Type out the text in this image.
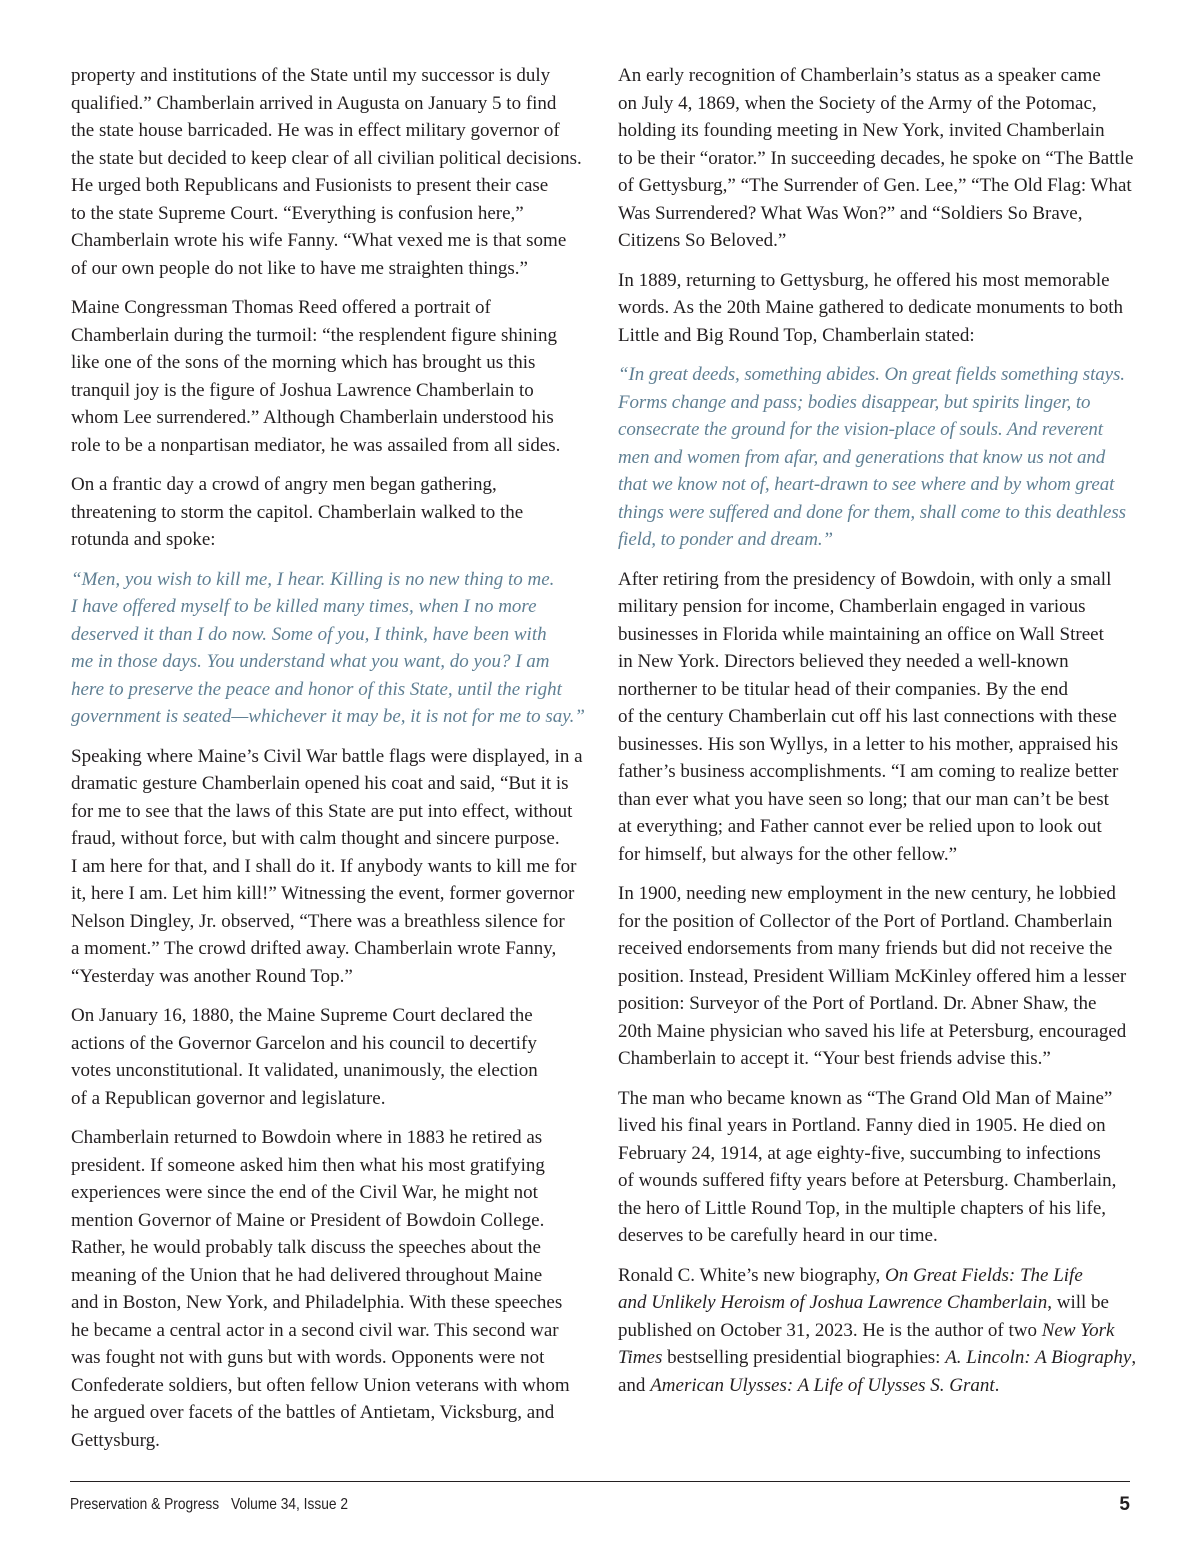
property and institutions of the State until my successor is duly
qualified.” Chamberlain arrived in Augusta on January 5 to find
the state house barricaded. He was in effect military governor of
the state but decided to keep clear of all civilian political decisions.
He urged both Republicans and Fusionists to present their case
to the state Supreme Court. “Everything is confusion here,”
Chamberlain wrote his wife Fanny. “What vexed me is that some
of our own people do not like to have me straighten things.”

Maine Congressman Thomas Reed offered a portrait of
Chamberlain during the turmoil: “the resplendent figure shining
like one of the sons of the morning which has brought us this
tranquil joy is the figure of Joshua Lawrence Chamberlain to
whom Lee surrendered.” Although Chamberlain understood his
role to be a nonpartisan mediator, he was assailed from all sides.

On a frantic day a crowd of angry men began gathering,
threatening to storm the capitol. Chamberlain walked to the
rotunda and spoke:

“Men, you wish to kill me, I hear. Killing is no new thing to me.
I have offered myself to be killed many times, when I no more
deserved it than I do now. Some of you, I think, have been with
me in those days. You understand what you want, do you? I am
here to preserve the peace and honor of this State, until the right
government is seated—whichever it may be, it is not for me to say.”

Speaking where Maine’s Civil War battle flags were displayed, in a
dramatic gesture Chamberlain opened his coat and said, “But it is
for me to see that the laws of this State are put into effect, without
fraud, without force, but with calm thought and sincere purpose.
I am here for that, and I shall do it. If anybody wants to kill me for
it, here I am. Let him kill!” Witnessing the event, former governor
Nelson Dingley, Jr. observed, “There was a breathless silence for
a moment.” The crowd drifted away. Chamberlain wrote Fanny,
“Yesterday was another Round Top.”

On January 16, 1880, the Maine Supreme Court declared the
actions of the Governor Garcelon and his council to decertify
votes unconstitutional. It validated, unanimously, the election
of a Republican governor and legislature.

Chamberlain returned to Bowdoin where in 1883 he retired as
president. If someone asked him then what his most gratifying
experiences were since the end of the Civil War, he might not
mention Governor of Maine or President of Bowdoin College.
Rather, he would probably talk discuss the speeches about the
meaning of the Union that he had delivered throughout Maine
and in Boston, New York, and Philadelphia. With these speeches
he became a central actor in a second civil war. This second war
was fought not with guns but with words. Opponents were not
Confederate soldiers, but often fellow Union veterans with whom
he argued over facets of the battles of Antietam, Vicksburg, and
Gettysburg.

An early recognition of Chamberlain’s status as a speaker came
on July 4, 1869, when the Society of the Army of the Potomac,
holding its founding meeting in New York, invited Chamberlain
to be their “orator.” In succeeding decades, he spoke on “The Battle
of Gettysburg,” “The Surrender of Gen. Lee,” “The Old Flag: What
Was Surrendered? What Was Won?” and “Soldiers So Brave,
Citizens So Beloved.”

In 1889, returning to Gettysburg, he offered his most memorable
words. As the 20th Maine gathered to dedicate monuments to both
Little and Big Round Top, Chamberlain stated:

“In great deeds, something abides. On great fields something stays.
Forms change and pass; bodies disappear, but spirits linger, to
consecrate the ground for the vision-place of souls. And reverent
men and women from afar, and generations that know us not and
that we know not of, heart-drawn to see where and by whom great
things were suffered and done for them, shall come to this deathless
field, to ponder and dream.”

After retiring from the presidency of Bowdoin, with only a small
military pension for income, Chamberlain engaged in various
businesses in Florida while maintaining an office on Wall Street
in New York. Directors believed they needed a well-known
northerner to be titular head of their companies. By the end
of the century Chamberlain cut off his last connections with these
businesses. His son Wyllys, in a letter to his mother, appraised his
father’s business accomplishments. “I am coming to realize better
than ever what you have seen so long; that our man can’t be best
at everything; and Father cannot ever be relied upon to look out
for himself, but always for the other fellow.”

In 1900, needing new employment in the new century, he lobbied
for the position of Collector of the Port of Portland. Chamberlain
received endorsements from many friends but did not receive the
position. Instead, President William McKinley offered him a lesser
position: Surveyor of the Port of Portland. Dr. Abner Shaw, the
20th Maine physician who saved his life at Petersburg, encouraged
Chamberlain to accept it. “Your best friends advise this.”

The man who became known as “The Grand Old Man of Maine”
lived his final years in Portland. Fanny died in 1905. He died on
February 24, 1914, at age eighty-five, succumbing to infections
of wounds suffered fifty years before at Petersburg. Chamberlain,
the hero of Little Round Top, in the multiple chapters of his life,
deserves to be carefully heard in our time.

Ronald C. White’s new biography, On Great Fields: The Life
and Unlikely Heroism of Joshua Lawrence Chamberlain, will be
published on October 31, 2023. He is the author of two New York
Times bestselling presidential biographies: A. Lincoln: A Biography,
and American Ulysses: A Life of Ulysses S. Grant.

Preservation & Progress Volume 34, Issue 2	5
